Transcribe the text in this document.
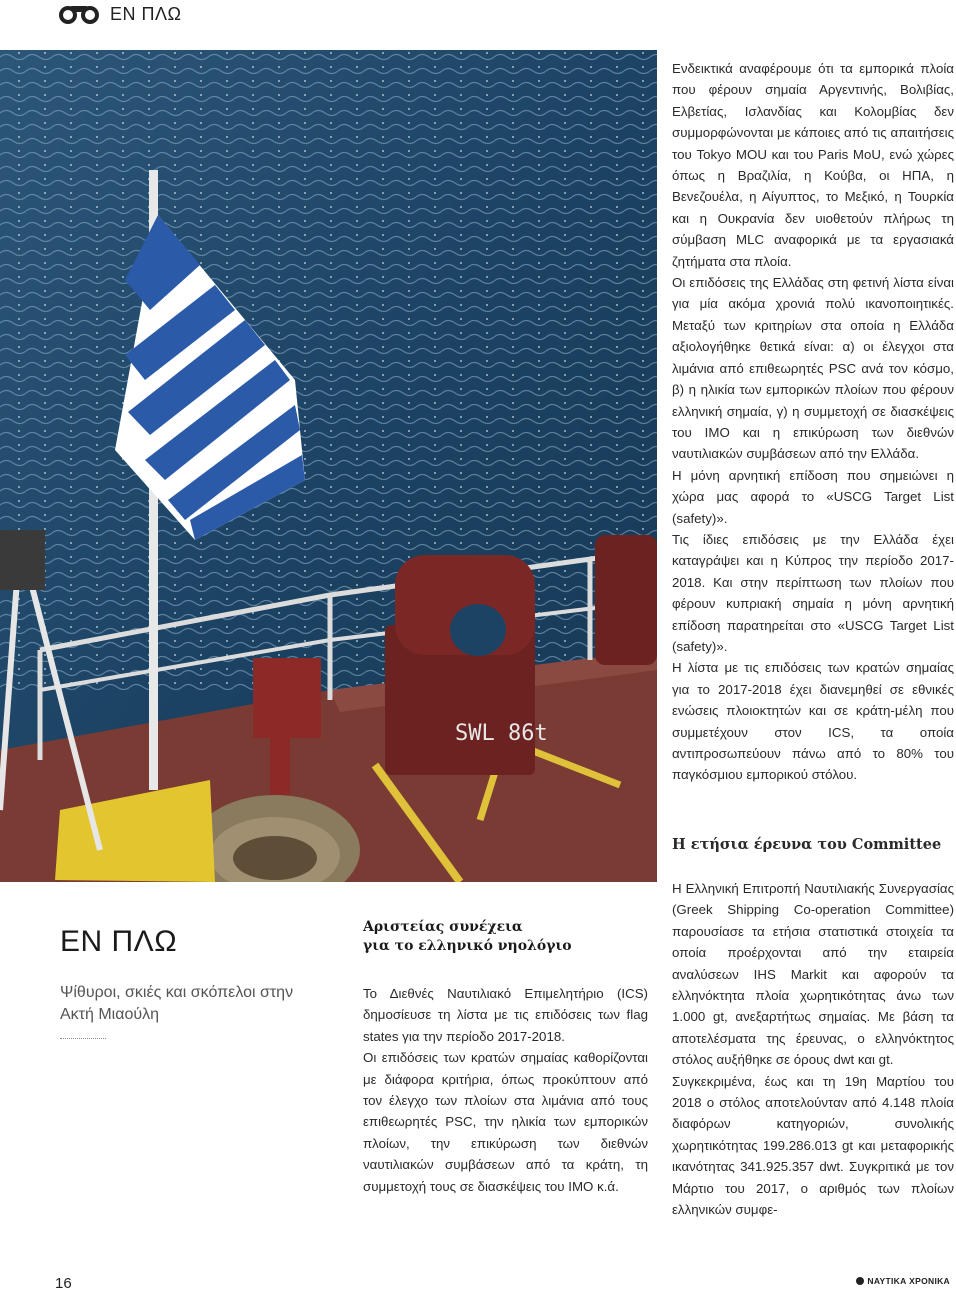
ΕΝ ΠΛΩ
SWL 86t

Ενδεικτικά αναφέρουμε ότι τα εμπορικά πλοία που φέρουν σημαία Αργεντινής, Βολιβίας, Ελβετίας, Ισλανδίας και Κολομβίας δεν συμμορφώνονται με κάποιες από τις απαιτήσεις του Tokyo MOU και του Paris MoU, ενώ χώρες όπως η Βραζιλία, η Κούβα, οι ΗΠΑ, η Βενεζουέλα, η Αίγυπτος, το Μεξικό, η Τουρκία και η Ουκρανία δεν υιοθετούν πλήρως τη σύμβαση MLC αναφορικά με τα εργασιακά ζητήματα στα πλοία.

Οι επιδόσεις της Ελλάδας στη φετινή λίστα είναι για μία ακόμα χρονιά πολύ ικανοποιητικές. Μεταξύ των κριτηρίων στα οποία η Ελλάδα αξιολογήθηκε θετικά είναι: α) οι έλεγχοι στα λιμάνια από επιθεωρητές PSC ανά τον κόσμο, β) η ηλικία των εμπορικών πλοίων που φέρουν ελληνική σημαία, γ) η συμμετοχή σε διασκέψεις του IMO και η επικύρωση των διεθνών ναυτιλιακών συμβάσεων από την Ελλάδα.

Η μόνη αρνητική επίδοση που σημειώνει η χώρα μας αφορά το «USCG Target List (safety)».

Τις ίδιες επιδόσεις με την Ελλάδα έχει καταγράψει και η Κύπρος την περίοδο 2017-2018. Και στην περίπτωση των πλοίων που φέρουν κυπριακή σημαία η μόνη αρνητική επίδοση παρατηρείται στο «USCG Target List (safety)».

Η λίστα με τις επιδόσεις των κρατών σημαίας για το 2017-2018 έχει διανεμηθεί σε εθνικές ενώσεις πλοιοκτητών και σε κράτη-μέλη που συμμετέχουν στον ICS, τα οποία αντιπροσωπεύουν πάνω από το 80% του παγκόσμιου εμπορικού στόλου.

Η ετήσια έρευνα του Committee

Η Ελληνική Επιτροπή Ναυτιλιακής Συνεργασίας (Greek Shipping Co-operation Committee) παρουσίασε τα ετήσια στατιστικά στοιχεία τα οποία προέρχονται από την εταιρεία αναλύσεων IHS Markit και αφορούν τα ελληνόκτητα πλοία χωρητικότητας άνω των 1.000 gt, ανεξαρτήτως σημαίας. Με βάση τα αποτελέσματα της έρευνας, ο ελληνόκτητος στόλος αυξήθηκε σε όρους dwt και gt.

Συγκεκριμένα, έως και τη 19η Μαρτίου του 2018 ο στόλος αποτελούνταν από 4.148 πλοία διαφόρων κατηγοριών, συνολικής χωρητικότητας 199.286.013 gt και μεταφορικής ικανότητας 341.925.357 dwt. Συγκριτικά με τον Μάρτιο του 2017, ο αριθμός των πλοίων ελληνικών συμφε-

ΕΝ ΠΛΩ
Ψίθυροι, σκιές και σκόπελοι στην Ακτή Μιαούλη
Αριστείας συνέχεια
για το ελληνικό νηολόγιο

Το Διεθνές Ναυτιλιακό Επιμελητήριο (ICS) δημοσίευσε τη λίστα με τις επιδόσεις των flag states για την περίοδο 2017-2018.

Οι επιδόσεις των κρατών σημαίας καθορίζονται με διάφορα κριτήρια, όπως προκύπτουν από τον έλεγχο των πλοίων στα λιμάνια από τους επιθεωρητές PSC, την ηλικία των εμπορικών πλοίων, την επικύρωση των διεθνών ναυτιλιακών συμβάσεων από τα κράτη, τη συμμετοχή τους σε διασκέψεις του IMO κ.ά.

16	ΝΑΥΤΙΚΑ ΧΡΟΝΙΚΑ
